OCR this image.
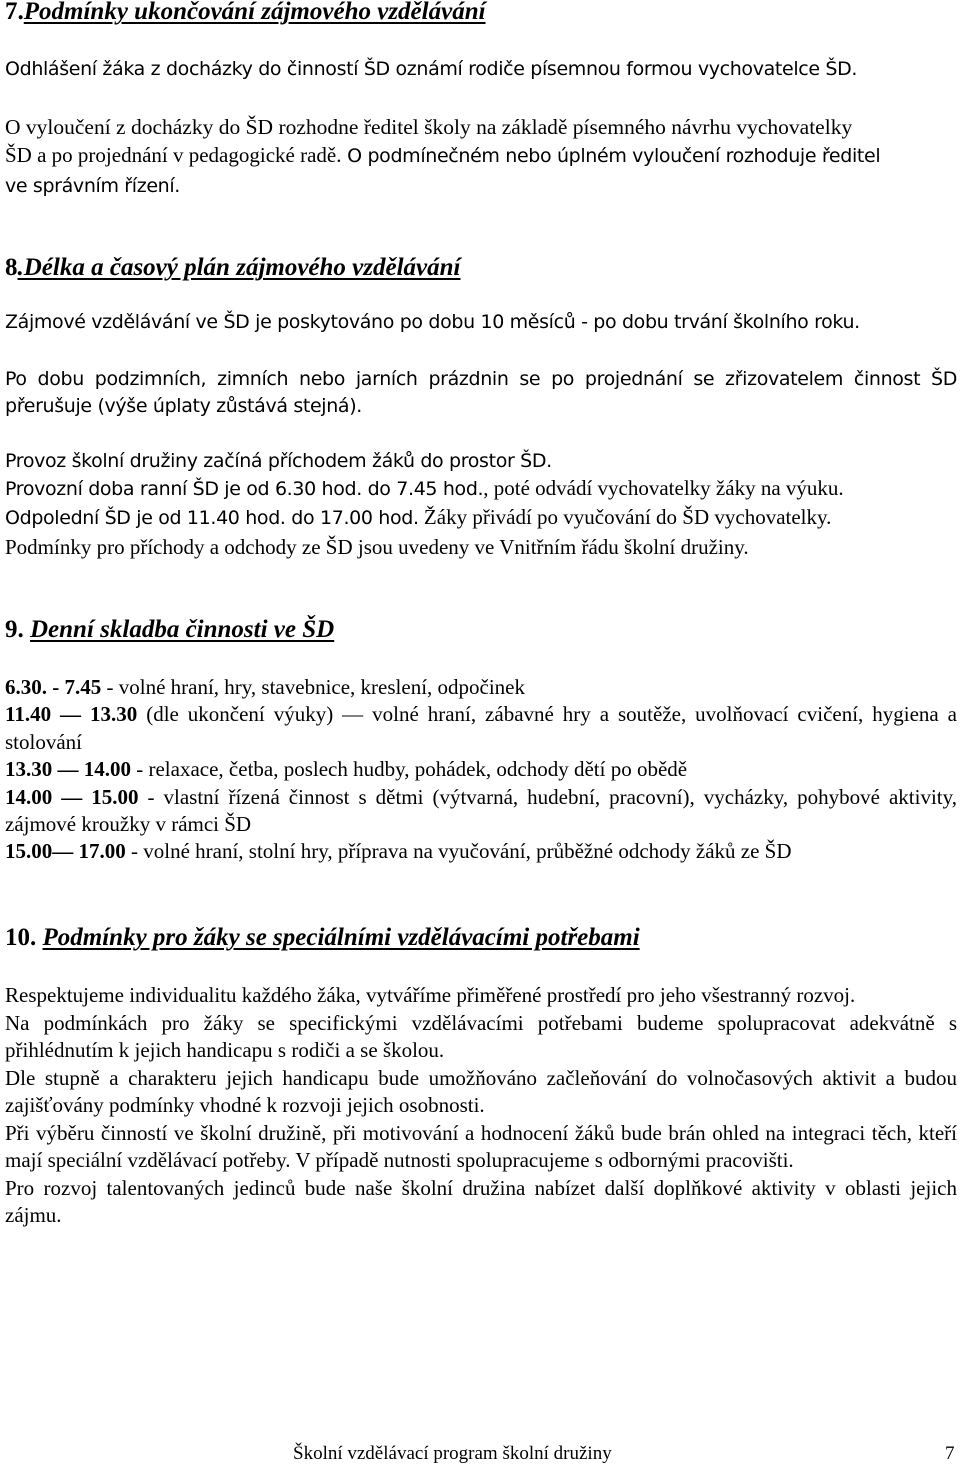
7.Podmínky ukončování zájmového vzdělávání

Odhlášení žáka z docházky do činností ŠD oznámí rodiče písemnou formou vychovatelce ŠD.

O vyloučení z docházky do ŠD rozhodne ředitel školy na základě písemného návrhu vychovatelky
ŠD a po projednání v pedagogické radě. O podmínečném nebo úplném vyloučení rozhoduje ředitel
ve správním řízení.
8.Délka a časový plán zájmového vzdělávání

Zájmové vzdělávání ve ŠD je poskytováno po dobu 10 měsíců - po dobu trvání školního roku.

Po dobu podzimních, zimních nebo jarních prázdnin se po projednání se zřizovatelem činnost ŠD přerušuje (výše úplaty zůstává stejná).

Provoz školní družiny začíná příchodem žáků do prostor ŠD.
Provozní doba ranní ŠD je od 6.30 hod. do 7.45 hod., poté odvádí vychovatelky žáky na výuku.
Odpolední ŠD je od 11.40 hod. do 17.00 hod. Žáky přivádí po vyučování do ŠD vychovatelky.
Podmínky pro příchody a odchody ze ŠD jsou uvedeny ve Vnitřním řádu školní družiny.
9. Denní skladba činnosti ve ŠD
6.30. - 7.45 - volné hraní, hry, stavebnice, kreslení, odpočinek
11.40 — 13.30 (dle ukončení výuky) — volné hraní, zábavné hry a soutěže, uvolňovací cvičení, hygiena a stolování
13.30 — 14.00 - relaxace, četba, poslech hudby, pohádek, odchody dětí po obědě
14.00 — 15.00 - vlastní řízená činnost s dětmi (výtvarná, hudební, pracovní), vycházky, pohybové aktivity, zájmové kroužky v rámci ŠD
15.00— 17.00 - volné hraní, stolní hry, příprava na vyučování, průběžné odchody žáků ze ŠD
10. Podmínky pro žáky se speciálními vzdělávacími potřebami
Respektujeme individualitu každého žáka, vytváříme přiměřené prostředí pro jeho všestranný rozvoj.
Na podmínkách pro žáky se specifickými vzdělávacími potřebami budeme spolupracovat adekvátně s přihlédnutím k jejich handicapu s rodiči a se školou.
Dle stupně a charakteru jejich handicapu bude umožňováno začleňování do volnočasových aktivit a budou zajišťovány podmínky vhodné k rozvoji jejich osobnosti.
Při výběru činností ve školní družině, při motivování a hodnocení žáků bude brán ohled na integraci těch, kteří mají speciální vzdělávací potřeby. V případě nutnosti spolupracujeme s odbornými pracovišti.
Pro rozvoj talentovaných jedinců bude naše školní družina nabízet další doplňkové aktivity v oblasti jejich zájmu.
Školní vzdělávací program školní družiny	7
